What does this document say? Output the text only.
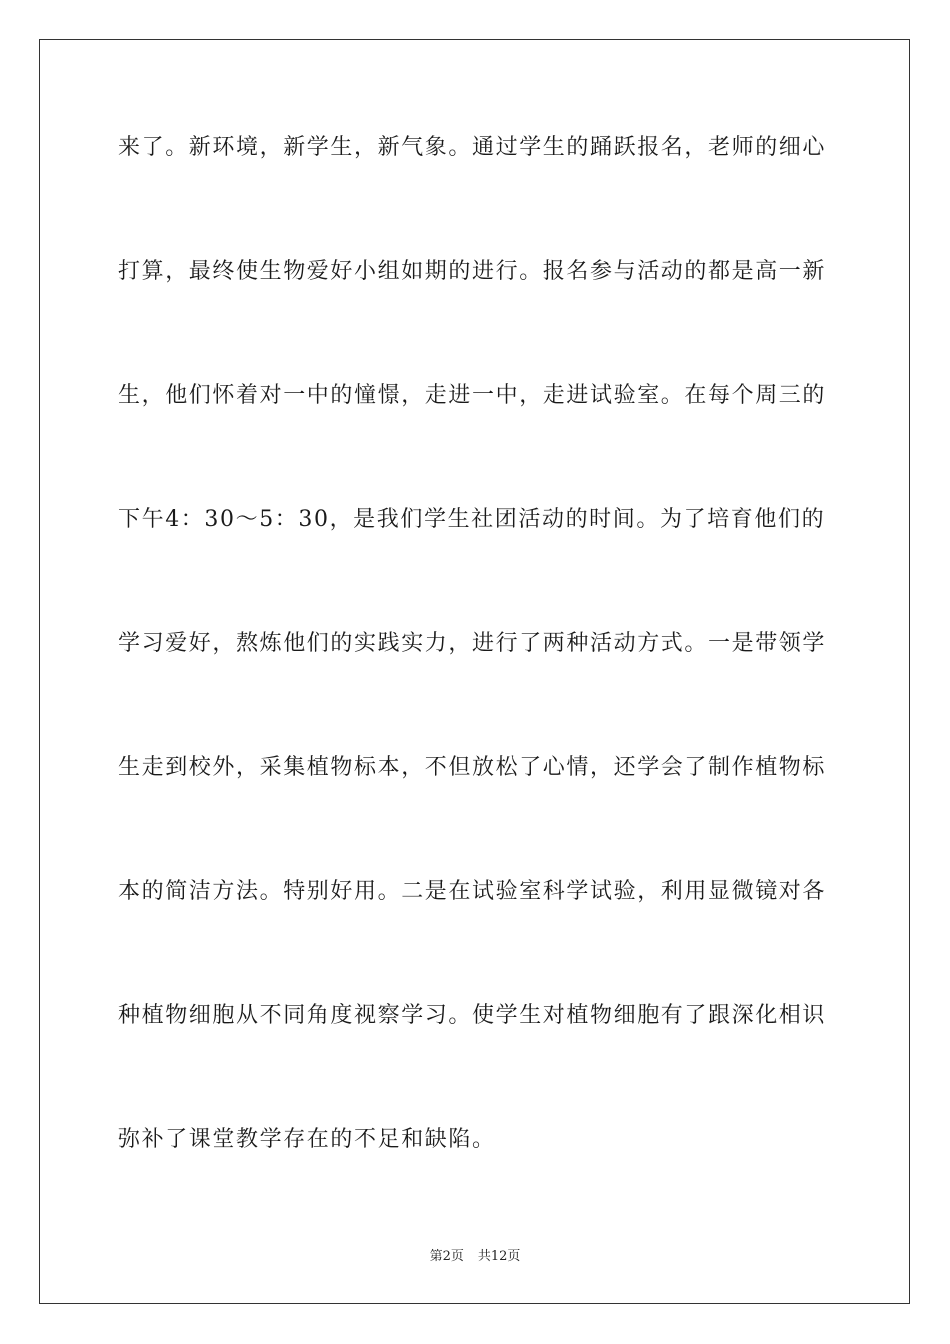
来了。新环境，新学生，新气象。通过学生的踊跃报名，老师的细心
打算，最终使生物爱好小组如期的进行。报名参与活动的都是高一新
生，他们怀着对一中的憧憬，走进一中，走进试验室。在每个周三的
下午4：30～5：30，是我们学生社团活动的时间。为了培育他们的
学习爱好，熬炼他们的实践实力，进行了两种活动方式。一是带领学
生走到校外，采集植物标本，不但放松了心情，还学会了制作植物标
本的简洁方法。特别好用。二是在试验室科学试验，利用显微镜对各
种植物细胞从不同角度视察学习。使学生对植物细胞有了跟深化相识
弥补了课堂教学存在的不足和缺陷。
第2页 共12页
